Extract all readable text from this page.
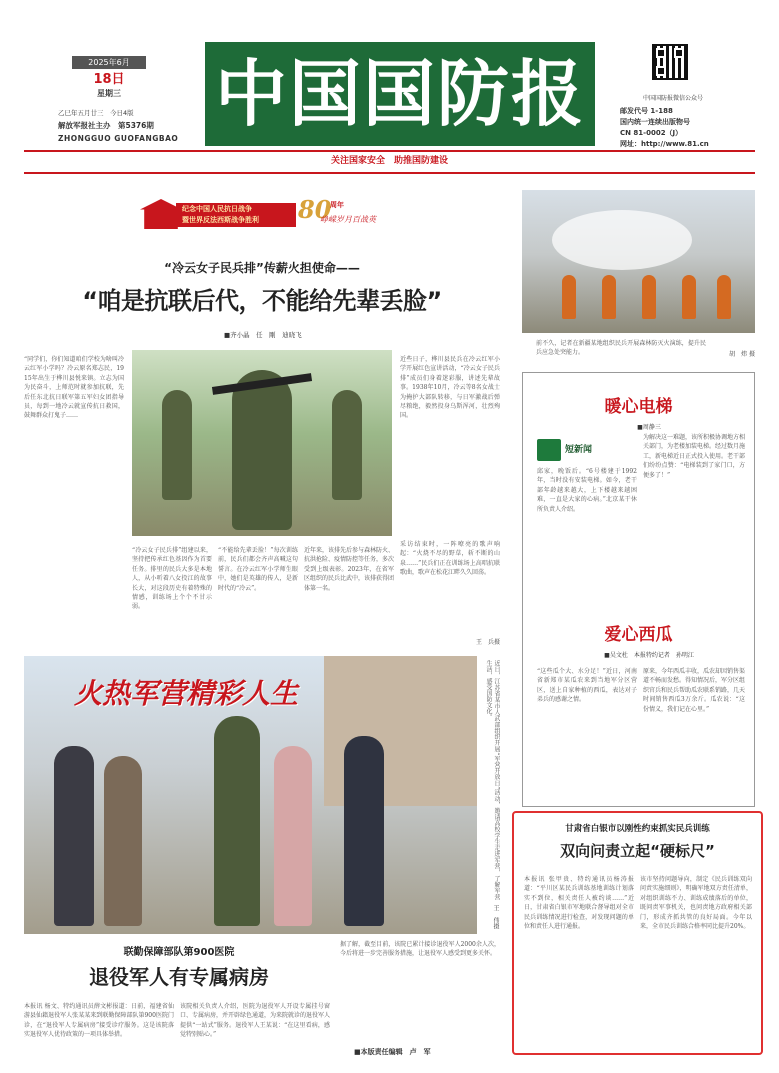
2025年6月
18日
星期三
乙巳年五月廿三　 今日4版
解放军报社主办　 第5376期
ZHONGGUO GUOFANGBAO
中国国防报	中国国防报微信公众号
邮发代号 1-188
国内统一连续出版物号
CN 81-0002（J）
网址：http://www.81.cn
关注国家安全　助推国防建设
纪念中国人民抗日战争
暨世界反法西斯战争胜利	80
周年
峥嵘岁月百战英
“冷云女子民兵排”传薪火担使命——
“咱是抗联后代，不能给先辈丢脸”
■齐小晶　任　剛　迪晓飞
“同学们，你们知道咱们学校为啥叫冷云红军小学吗？冷云原名郑志民，1915年出生于桦川县悦来镇。立志为国为民奋斗，上师范时就参加抗联，先后任东北抗日联军第五军妇女团指导员，每到一地冷云就宣传抗日救国，鼓舞群众打鬼子……
近些日子，桦川县民兵在冷云红军小学开展红色宣讲活动，“冷云女子民兵排”成员们身着迷彩服，讲述先辈故事。1938年10月，冷云等8名女战士为掩护大部队转移，与日军激战后弹尽粮绝，毅然投身乌斯浑河，壮烈殉国。
“冷云女子民兵排”组建以来，坚持把传承红色基因作为首要任务。排里的民兵大多是本地人，从小听着八女投江的故事长大，对这段历史有着特殊的情感，训练场上个个不甘示弱。
“不能给先辈丢脸！”每次训练前，民兵们都会齐声高喊这句誓言。在冷云红军小学师生眼中，她们是英雄的传人，是新时代的“冷云”。
近年来，该排先后参与森林防火、抗洪抢险、疫情防控等任务，多次受到上级表彰。2023年，在省军区组织的民兵比武中，该排获得团体第一名。
采访结束时，一阵嘹亮的歌声响起：“火烧不尽的野草，斩不断的山泉……”民兵们正在训练场上高唱抗联歌曲，歌声在松花江畔久久回荡。
王　兵摄
火热军营精彩人生	近日，江苏省某市人武部组织开展“军营开放日”活动，邀请高校学生走进军营，了解军营生活，感受国防文化。
王　伟摄
联勤保障部队第900医院
退役军人有专属病房
本报讯 杨文、特约通讯员薛文彬报道：日前，福建省仙游县仙籍退役军人张某某来到联勤保障部队第900医院门诊，在“退役军人专属病房”接受诊疗服务。这是该院落实退役军人优待政策的一项具体举措。
该院相关负责人介绍，医院为退役军人开设专属挂号窗口、专属病房，并开辟绿色通道，为来院就诊的退役军人提供“一站式”服务。退役军人王某说：“在这里看病，感觉特别贴心。”
据了解，截至目前，该院已累计接诊退役军人2000余人次，今后将进一步完善服务措施，让退役军人感受到更多关怀。
■本版责任编辑　卢　军
前不久，记者在新疆某地组织民兵开展森林防灭火演练，提升民兵应急处突能力。	胡　炜 摄
暖心电梯
■周静三
短新闻
邱家，晚饭后。“6号楼建于1992年，当时没有安装电梯。如今，老干部年龄越来越大，上下楼越来越困难，一直是大家的心病。”北京某干休所负责人介绍。
为解决这一难题，该所积极协调地方相关部门，为老楼加装电梯。经过数月施工，新电梯近日正式投入使用。老干部们纷纷点赞：“电梯装到了家门口，方便多了！”
爱心西瓜
■吴文杜　本报特约记者　孙明江
“这些瓜个大、水分足！”近日，河南省新郑市某瓜农来到当地军分区营区，送上自家种植的西瓜，表达对子弟兵的感谢之情。
原来，今年西瓜丰收，瓜农却因销售渠道不畅而发愁。得知情况后，军分区组织官兵和民兵帮助瓜农联系销路，几天时间销售西瓜3万余斤。瓜农说：“这份情义，我们记在心里。”
甘肃省白银市以刚性约束抓实民兵训练
双向问责立起“硬标尺”
本报讯 张甲贵、特约通讯员杨涛报道：“平川区某民兵训练基地训练计划落实不到位，相关责任人被约谈……”近日，甘肃省白银市军地联合督导组对全市民兵训练情况进行检查，对发现问题的单位和责任人进行通报。
该市坚持问题导向，制定《民兵训练双向问责实施细则》，明确军地双方责任清单，对组织训练不力、训练成绩落后的单位，既问责军事机关，也问责地方政府相关部门，形成齐抓共管的良好局面。今年以来，全市民兵训练合格率同比提升20%。
